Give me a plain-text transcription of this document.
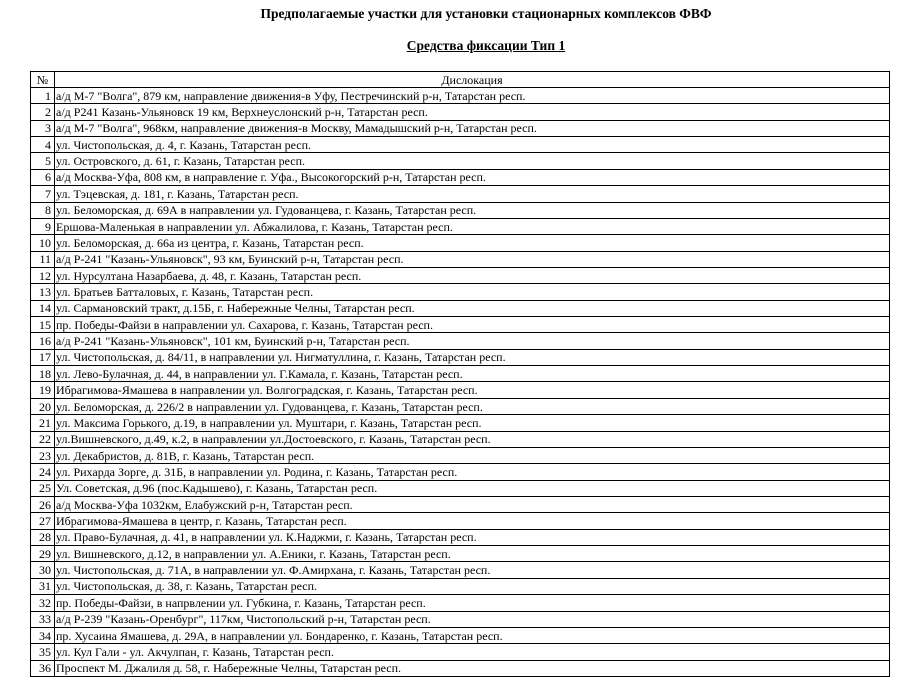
Предполагаемые участки для установки стационарных комплексов ФВФ
Средства фиксации Тип 1
№	Дислокация
1	а/д М-7 "Волга", 879 км, направление движения-в Уфу, Пестречинский р-н, Татарстан респ.
2	а/д Р241 Казань-Ульяновск 19 км, Верхнеуслонский р-н, Татарстан респ.
3	а/д М-7 "Волга", 968км, направление движения-в Москву, Мамадышский р-н, Татарстан респ.
4	ул. Чистопольская, д. 4, г. Казань, Татарстан респ.
5	ул. Островского, д. 61, г. Казань, Татарстан респ.
6	а/д Москва-Уфа, 808 км, в направление г. Уфа., Высокогорский р-н, Татарстан респ.
7	ул. Тэцевская, д. 181, г. Казань, Татарстан респ.
8	ул. Беломорская, д. 69А в направлении ул. Гудованцева, г. Казань, Татарстан респ.
9	Ершова-Маленькая в направлении ул. Абжалилова, г. Казань, Татарстан респ.
10	ул. Беломорская, д. 66а из центра, г. Казань, Татарстан респ.
11	а/д Р-241 "Казань-Ульяновск", 93 км, Буинский р-н, Татарстан респ.
12	ул. Нурсултана Назарбаева, д. 48, г. Казань, Татарстан респ.
13	ул. Братьев Батталовых, г. Казань, Татарстан респ.
14	ул. Сармановский тракт, д.15Б, г. Набережные Челны, Татарстан респ.
15	пр. Победы-Файзи в направлении ул. Сахарова, г. Казань, Татарстан респ.
16	а/д Р-241 "Казань-Ульяновск", 101 км, Буинский р-н, Татарстан респ.
17	ул. Чистопольская, д. 84/11, в направлении ул. Нигматуллина, г. Казань, Татарстан респ.
18	ул. Лево-Булачная, д. 44, в направлении ул. Г.Камала, г. Казань, Татарстан респ.
19	Ибрагимова-Ямашева в направлении ул. Волгоградская, г. Казань, Татарстан респ.
20	ул. Беломорская, д. 226/2 в направлении ул. Гудованцева, г. Казань, Татарстан респ.
21	ул. Максима Горького, д.19, в направлении ул. Муштари, г. Казань, Татарстан респ.
22	ул.Вишневского, д.49, к.2, в направлении ул.Достоевского, г. Казань, Татарстан респ.
23	ул. Декабристов, д. 81В, г. Казань, Татарстан респ.
24	ул. Рихарда Зорге, д. 31Б, в направлении ул. Родина, г. Казань, Татарстан респ.
25	Ул. Советская, д.96 (пос.Кадышево), г. Казань, Татарстан респ.
26	а/д Москва-Уфа 1032км, Елабужский р-н, Татарстан респ.
27	Ибрагимова-Ямашева в центр, г. Казань, Татарстан респ.
28	ул. Право-Булачная, д. 41, в направлении ул. К.Наджми, г. Казань, Татарстан респ.
29	ул. Вишневского, д.12, в направлении ул. А.Еники, г. Казань, Татарстан респ.
30	ул. Чистопольская, д. 71А, в направлении ул. Ф.Амирхана, г. Казань, Татарстан респ.
31	ул. Чистопольская, д. 38, г. Казань, Татарстан респ.
32	пр. Победы-Файзи, в напрвлении ул. Губкина, г. Казань, Татарстан респ.
33	а/д Р-239 "Казань-Оренбург", 117км, Чистопольский р-н, Татарстан респ.
34	пр. Хусаина Ямашева, д. 29А, в направлении ул. Бондаренко, г. Казань, Татарстан респ.
35	ул. Кул Гали - ул. Акчулпан, г. Казань, Татарстан респ.
36	Проспект М. Джалиля д. 58, г. Набережные Челны, Татарстан респ.
